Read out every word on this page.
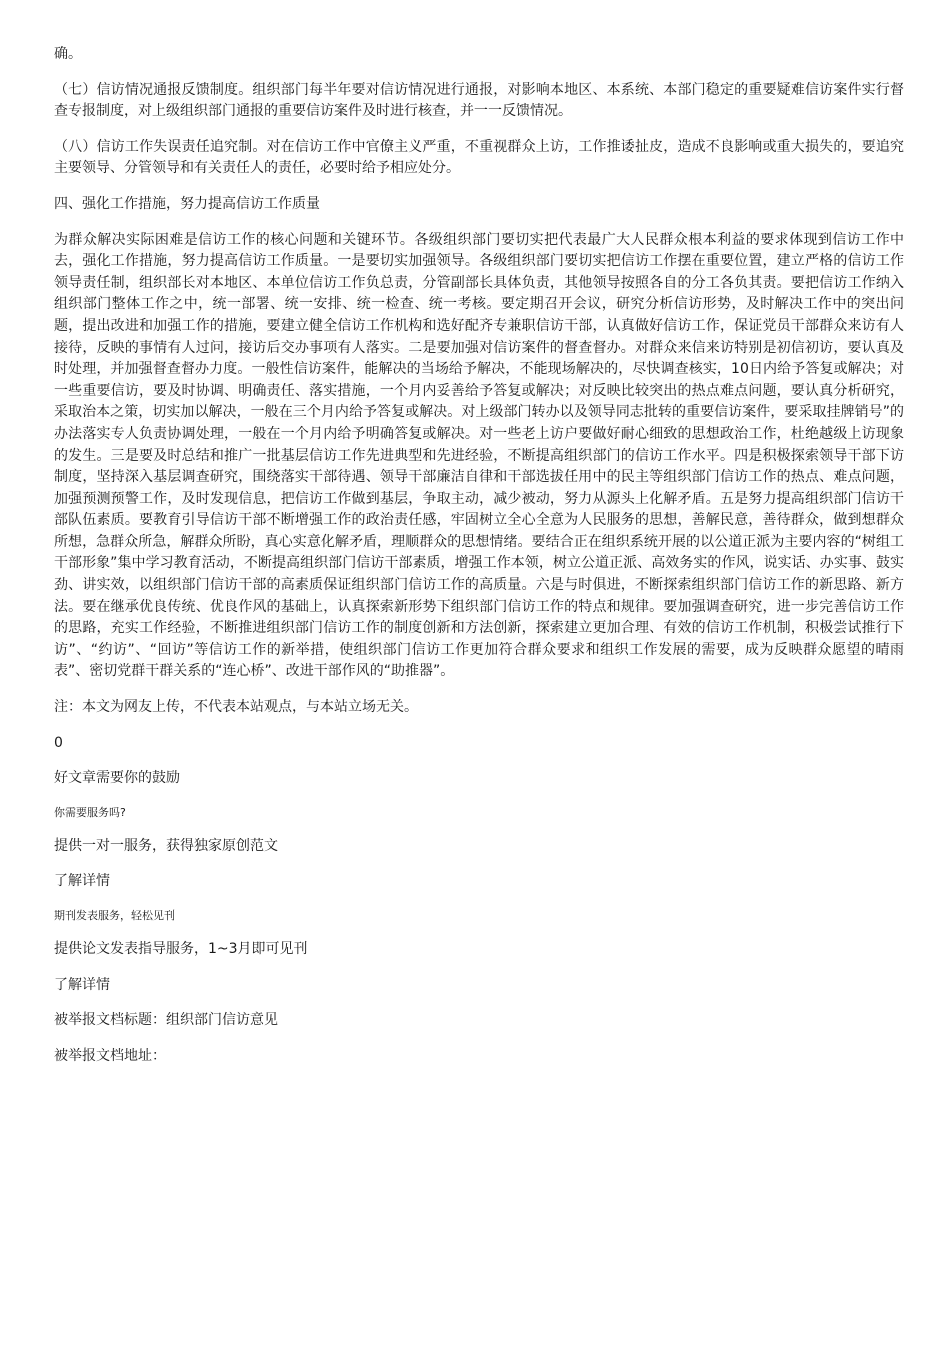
确。

（七）信访情况通报反馈制度。组织部门每半年要对信访情况进行通报，对影响本地区、本系统、本部门稳定的重要疑难信访案件实行督查专报制度，对上级组织部门通报的重要信访案件及时进行核查，并一一反馈情况。

（八）信访工作失误责任追究制。对在信访工作中官僚主义严重，不重视群众上访，工作推诿扯皮，造成不良影响或重大损失的，要追究主要领导、分管领导和有关责任人的责任，必要时给予相应处分。

四、强化工作措施，努力提高信访工作质量

为群众解决实际困难是信访工作的核心问题和关键环节。各级组织部门要切实把代表最广大人民群众根本利益的要求体现到信访工作中去，强化工作措施，努力提高信访工作质量。一是要切实加强领导。各级组织部门要切实把信访工作摆在重要位置，建立严格的信访工作领导责任制，组织部长对本地区、本单位信访工作负总责，分管副部长具体负责，其他领导按照各自的分工各负其责。要把信访工作纳入组织部门整体工作之中，统一部署、统一安排、统一检查、统一考核。要定期召开会议，研究分析信访形势，及时解决工作中的突出问题，提出改进和加强工作的措施，要建立健全信访工作机构和选好配齐专兼职信访干部，认真做好信访工作，保证党员干部群众来访有人接待，反映的事情有人过问，接访后交办事项有人落实。二是要加强对信访案件的督查督办。对群众来信来访特别是初信初访，要认真及时处理，并加强督查督办力度。一般性信访案件，能解决的当场给予解决，不能现场解决的，尽快调查核实，10日内给予答复或解决；对一些重要信访，要及时协调、明确责任、落实措施，一个月内妥善给予答复或解决；对反映比较突出的热点难点问题，要认真分析研究，采取治本之策，切实加以解决，一般在三个月内给予答复或解决。对上级部门转办以及领导同志批转的重要信访案件，要采取挂牌销号”的办法落实专人负责协调处理，一般在一个月内给予明确答复或解决。对一些老上访户要做好耐心细致的思想政治工作，杜绝越级上访现象的发生。三是要及时总结和推广一批基层信访工作先进典型和先进经验，不断提高组织部门的信访工作水平。四是积极探索领导干部下访制度，坚持深入基层调查研究，围绕落实干部待遇、领导干部廉洁自律和干部选拔任用中的民主等组织部门信访工作的热点、难点问题，加强预测预警工作，及时发现信息，把信访工作做到基层，争取主动，减少被动，努力从源头上化解矛盾。五是努力提高组织部门信访干部队伍素质。要教育引导信访干部不断增强工作的政治责任感，牢固树立全心全意为人民服务的思想，善解民意，善待群众，做到想群众所想，急群众所急，解群众所盼，真心实意化解矛盾，理顺群众的思想情绪。要结合正在组织系统开展的以公道正派为主要内容的“树组工干部形象”集中学习教育活动，不断提高组织部门信访干部素质，增强工作本领，树立公道正派、高效务实的作风，说实话、办实事、鼓实劲、讲实效，以组织部门信访干部的高素质保证组织部门信访工作的高质量。六是与时俱进，不断探索组织部门信访工作的新思路、新方法。要在继承优良传统、优良作风的基础上，认真探索新形势下组织部门信访工作的特点和规律。要加强调查研究，进一步完善信访工作的思路，充实工作经验，不断推进组织部门信访工作的制度创新和方法创新，探索建立更加合理、有效的信访工作机制，积极尝试推行下访”、“约访”、“回访”等信访工作的新举措，使组织部门信访工作更加符合群众要求和组织工作发展的需要，成为反映群众愿望的晴雨表”、密切党群干群关系的“连心桥”、改进干部作风的“助推器”。

注：本文为网友上传，不代表本站观点，与本站立场无关。

0

好文章需要你的鼓励

你需要服务吗?

提供一对一服务，获得独家原创范文

了解详情

期刊发表服务，轻松见刊

提供论文发表指导服务，1~3月即可见刊

了解详情

被举报文档标题：组织部门信访意见

被举报文档地址：
